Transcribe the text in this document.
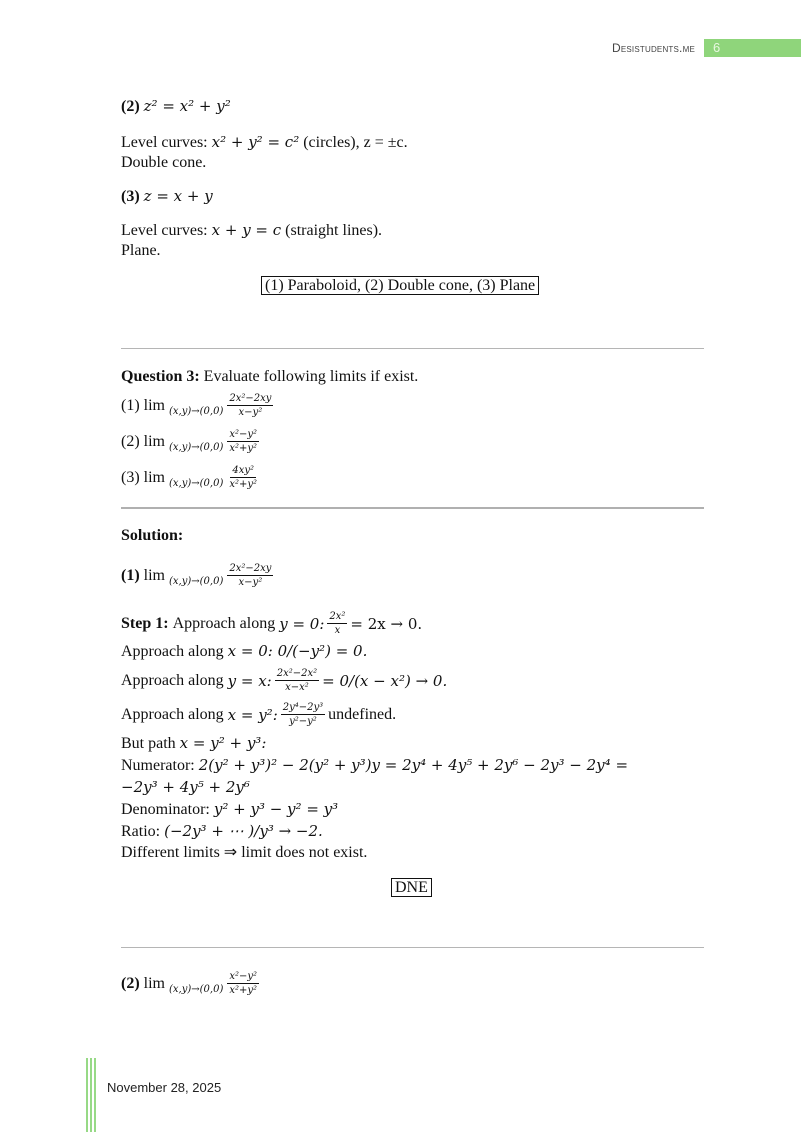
Desistudents.me	6
(2) z² = x² + y²
Level curves: x² + y² = c² (circles), z = ±c.
Double cone.
(3) z = x + y
Level curves: x + y = c (straight lines).
Plane.
(1) Paraboloid, (2) Double cone, (3) Plane
Question 3: Evaluate following limits if exist.
(1) $\lim (x,y)\to(0,0) \frac{\text{2x²−2xy}}{\text{x−y²}}$
(2) $\lim (x,y)\to(0,0) \frac{\text{x²−y²}}{\text{x²+y²}}$
(3) $\lim (x,y)\to(0,0) \frac{\text{4xy²}}{\text{x²+y²}}$
Solution:
(1)
$\lim (x,y)\to(0,0) \frac{\text{2x²−2xy}}{\text{x−y²}}$
Step 1:
Approach along
y = 0: $\frac{\text{2x²}}{x} = 2x \to 0$.
Approach along x = 0: 0/(−y²) = 0.
Approach along
y = x: $\frac{\text{2x²−2x²}}{\text{x−x²}} = 0/(x - x^2) \to 0$.
Approach along
x = y²: $\frac{\text{2y⁴−2y³}}{\text{y²−y²}}$ undefined.
But path x = y² + y³:
Numerator: 2(y² + y³)² − 2(y² + y³)y = 2y⁴ + 4y⁵ + 2y⁶ − 2y³ − 2y⁴ =
−2y³ + 4y⁵ + 2y⁶
Denominator: y² + y³ − y² = y³
Ratio: (−2y³ + ⋯ )/y³ → −2.
Different limits ⇒ limit does not exist.
DNE
(2)
$\lim (x,y)\to(0,0) \frac{\text{x²−y²}}{\text{x²+y²}}$
November 28, 2025
